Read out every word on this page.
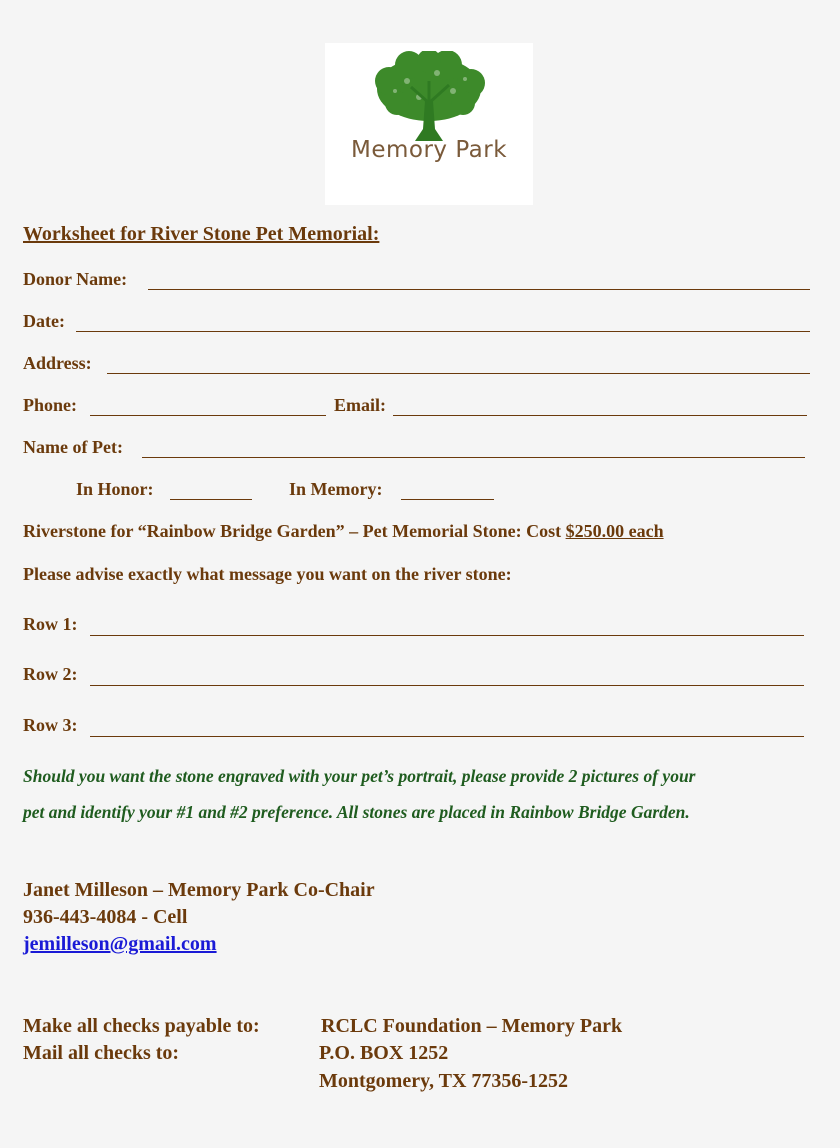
Memory Park
Worksheet for River Stone Pet Memorial:
Donor Name:
Date:
Address:
Phone:	Email:
Name of Pet:
In Honor:	In Memory:
Riverstone for “Rainbow Bridge Garden” – Pet Memorial Stone: Cost $250.00 each
Please advise exactly what message you want on the river stone:
Row 1:
Row 2:
Row 3:
Should you want the stone engraved with your pet’s portrait, please provide 2 pictures of your
pet and identify your #1 and #2 preference. All stones are placed in Rainbow Bridge Garden.
Janet Milleson – Memory Park Co-Chair
936-443-4084 - Cell
jemilleson@gmail.com
Make all checks payable to:	RCLC Foundation – Memory Park
Mail all checks to:	P.O. BOX 1252
Montgomery, TX 77356-1252
